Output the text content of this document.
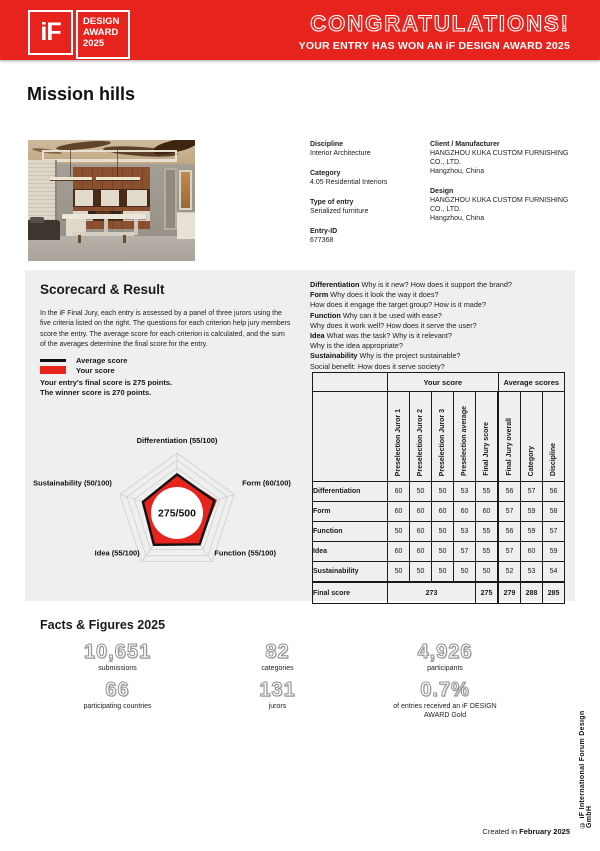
iF	DESIGN
AWARD
2025
CONGRATULATIONS!
YOUR ENTRY HAS WON AN iF DESIGN AWARD 2025
Mission hills
Discipline
Interior Architecture
Category
4.05 Residential Interiors
Type of entry
Serialized furniture
Entry-ID
677368
Client / Manufacturer
HANGZHOU KUKA CUSTOM FURNISHING CO., LTD.
Hangzhou, China
Design
HANGZHOU KUKA CUSTOM FURNISHING CO., LTD.
Hangzhou, China
Scorecard & Result
In the iF Final Jury, each entry is assessed by a panel of three jurors using the five criteria listed on the right. The questions for each criterion help jury members score the entry. The average score for each criterion is calculated, and the sum of the averages determine the final score for the entry.
Average score
Your score
Your entry's final score is 275 points.
The winner score is 270 points.
Differentiation Why is it new? How does it support the brand?
Form Why does it look the way it does?
How does it engage the target group? How is it made?
Function Why can it be used with ease?
Why does it work well? How does it serve the user?
Idea What was the task? Why is it relevant?
Why is the idea appropriate?
Sustainability Why is the project sustainable?
Social benefit: How does it serve society?
275/500
Differentiation (55/100)
Form (60/100)
Function (55/100)
Idea (55/100)
Sustainability (50/100)
	Your score					Average scores		
	Preselection Juror 1	Preselection Juror 2	Preselection Juror 3	Preselection average	Final Jury score	Final Jury overall	Category	Discipline
Differentiation	60	50	50	53	55	56	57	56
Form	60	60	60	60	60	57	59	58
Function	50	60	50	53	55	56	59	57
Idea	60	60	50	57	55	57	60	59
Sustainability	50	50	50	50	50	52	53	54
Final score	273				275	279	288	285
Facts & Figures 2025
10,651
submissions
82
categories
4,926
participants
66
participating countries
131
jurors
0.7%
of entries received an iF DESIGN AWARD Gold
Created in February 2025
© iF International Forum Design GmbH
